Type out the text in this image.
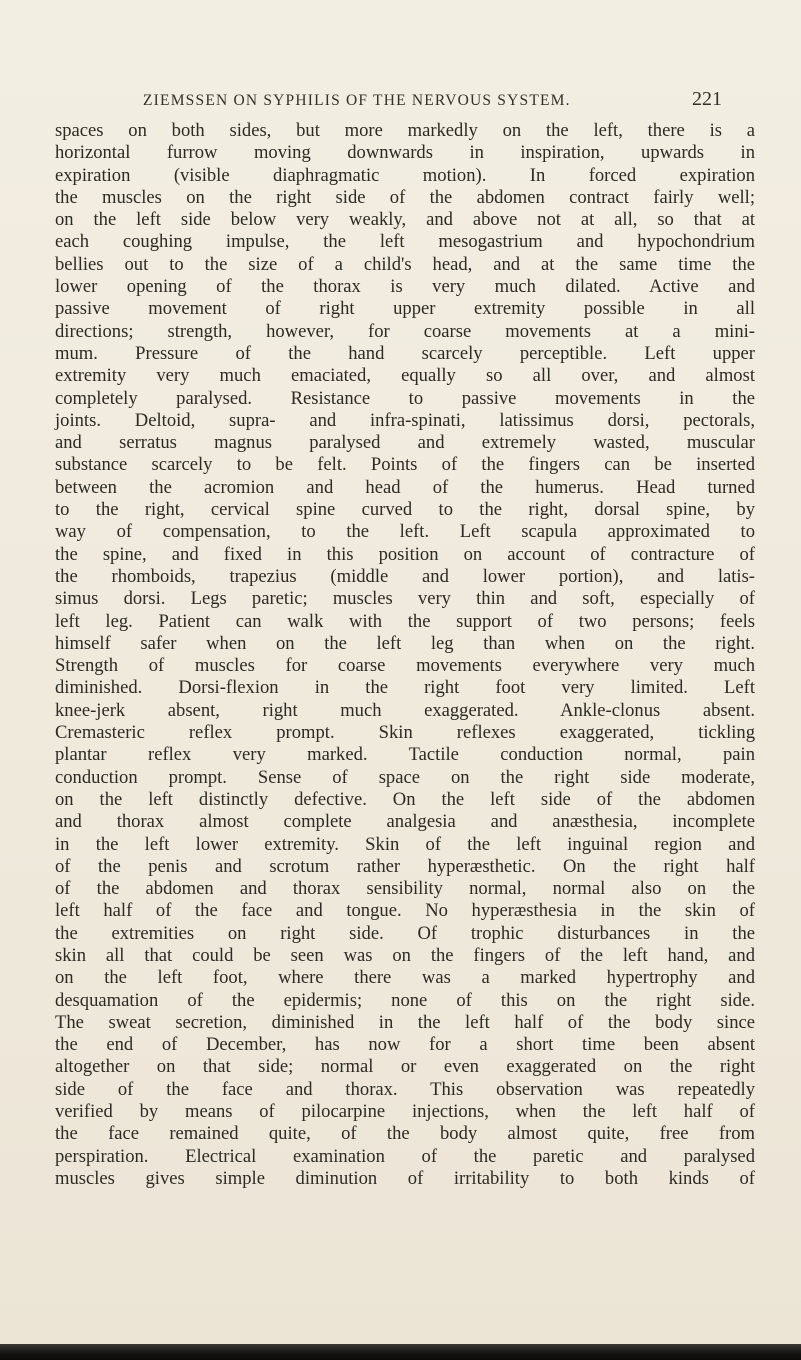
ZIEMSSEN ON SYPHILIS OF THE NERVOUS SYSTEM.	221
spaces on both sides, but more markedly on the left, there is a
horizontal furrow moving downwards in inspiration, upwards in
expiration (visible diaphragmatic motion). In forced expiration
the muscles on the right side of the abdomen contract fairly well;
on the left side below very weakly, and above not at all, so that at
each coughing impulse, the left mesogastrium and hypochondrium
bellies out to the size of a child's head, and at the same time the
lower opening of the thorax is very much dilated. Active and
passive movement of right upper extremity possible in all
directions; strength, however, for coarse movements at a mini-
mum. Pressure of the hand scarcely perceptible. Left upper
extremity very much emaciated, equally so all over, and almost
completely paralysed. Resistance to passive movements in the
joints. Deltoid, supra- and infra-spinati, latissimus dorsi, pectorals,
and serratus magnus paralysed and extremely wasted, muscular
substance scarcely to be felt. Points of the fingers can be inserted
between the acromion and head of the humerus. Head turned
to the right, cervical spine curved to the right, dorsal spine, by
way of compensation, to the left. Left scapula approximated to
the spine, and fixed in this position on account of contracture of
the rhomboids, trapezius (middle and lower portion), and latis-
simus dorsi. Legs paretic; muscles very thin and soft, especially of
left leg. Patient can walk with the support of two persons; feels
himself safer when on the left leg than when on the right.
Strength of muscles for coarse movements everywhere very much
diminished. Dorsi-flexion in the right foot very limited. Left
knee-jerk absent, right much exaggerated. Ankle-clonus absent.
Cremasteric reflex prompt. Skin reflexes exaggerated, tickling
plantar reflex very marked. Tactile conduction normal, pain
conduction prompt. Sense of space on the right side moderate,
on the left distinctly defective. On the left side of the abdomen
and thorax almost complete analgesia and anæsthesia, incomplete
in the left lower extremity. Skin of the left inguinal region and
of the penis and scrotum rather hyperæsthetic. On the right half
of the abdomen and thorax sensibility normal, normal also on the
left half of the face and tongue. No hyperæsthesia in the skin of
the extremities on right side. Of trophic disturbances in the
skin all that could be seen was on the fingers of the left hand, and
on the left foot, where there was a marked hypertrophy and
desquamation of the epidermis; none of this on the right side.
The sweat secretion, diminished in the left half of the body since
the end of December, has now for a short time been absent
altogether on that side; normal or even exaggerated on the right
side of the face and thorax. This observation was repeatedly
verified by means of pilocarpine injections, when the left half of
the face remained quite, of the body almost quite, free from
perspiration. Electrical examination of the paretic and paralysed
muscles gives simple diminution of irritability to both kinds of
